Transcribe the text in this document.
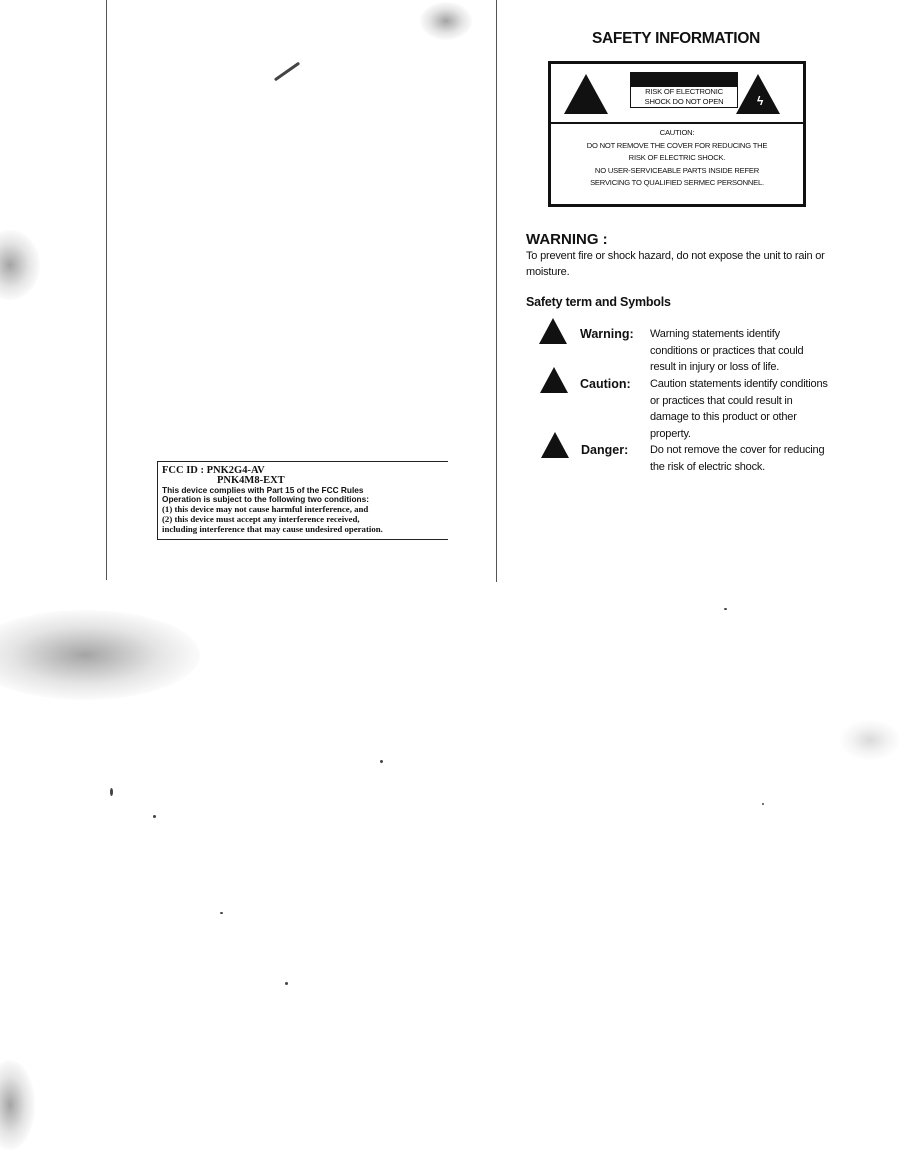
FCC ID : PNK2G4-AV
PNK4M8-EXT
This device complies with Part 15 of the FCC Rules
Operation is subject to the following two conditions:
(1) this device may not cause harmful interference, and
(2) this device must accept any interference received,
including interference that may cause undesired operation.
SAFETY INFORMATION
RISK OF ELECTRONIC
SHOCK DO NOT OPEN	ϟ
CAUTION:
DO NOT REMOVE THE COVER FOR REDUCING THE
RISK OF ELECTRIC SHOCK.
NO USER-SERVICEABLE PARTS INSIDE REFER
SERVICING TO QUALIFIED SERMEC PERSONNEL.
WARNING :
To prevent fire or shock hazard, do not expose the unit to rain or moisture.
Safety term and Symbols
Warning: Warning statements identify conditions or practices that could result in injury or loss of life.
Caution: Caution statements identify conditions or practices that could result in damage to this product or other property.
Danger: Do not remove the cover for reducing the risk of electric shock.
